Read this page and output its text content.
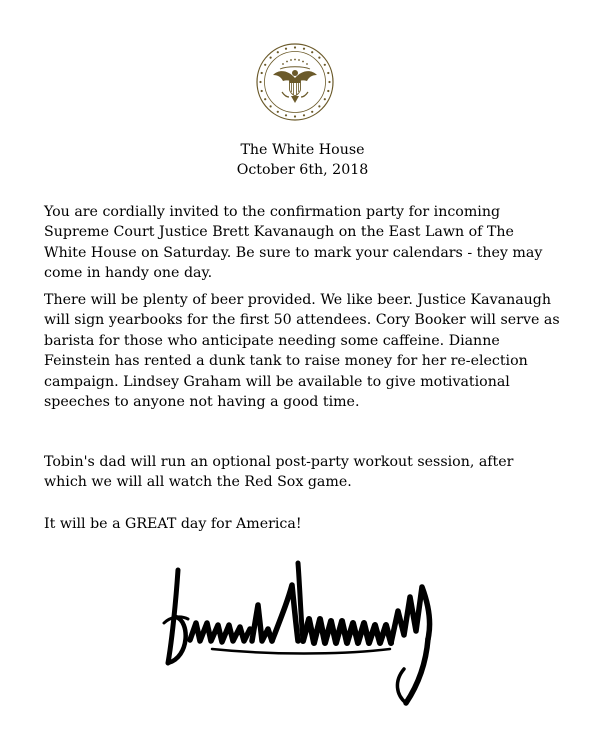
The White House
October 6th, 2018
You are cordially invited to the confirmation party for incoming
Supreme Court Justice Brett Kavanaugh on the East Lawn of The
White House on Saturday. Be sure to mark your calendars - they may
come in handy one day.
There will be plenty of beer provided. We like beer. Justice Kavanaugh
will sign yearbooks for the first 50 attendees. Cory Booker will serve as
barista for those who anticipate needing some caffeine. Dianne
Feinstein has rented a dunk tank to raise money for her re-election
campaign. Lindsey Graham will be available to give motivational
speeches to anyone not having a good time.
Tobin's dad will run an optional post-party workout session, after
which we will all watch the Red Sox game.
It will be a GREAT day for America!
